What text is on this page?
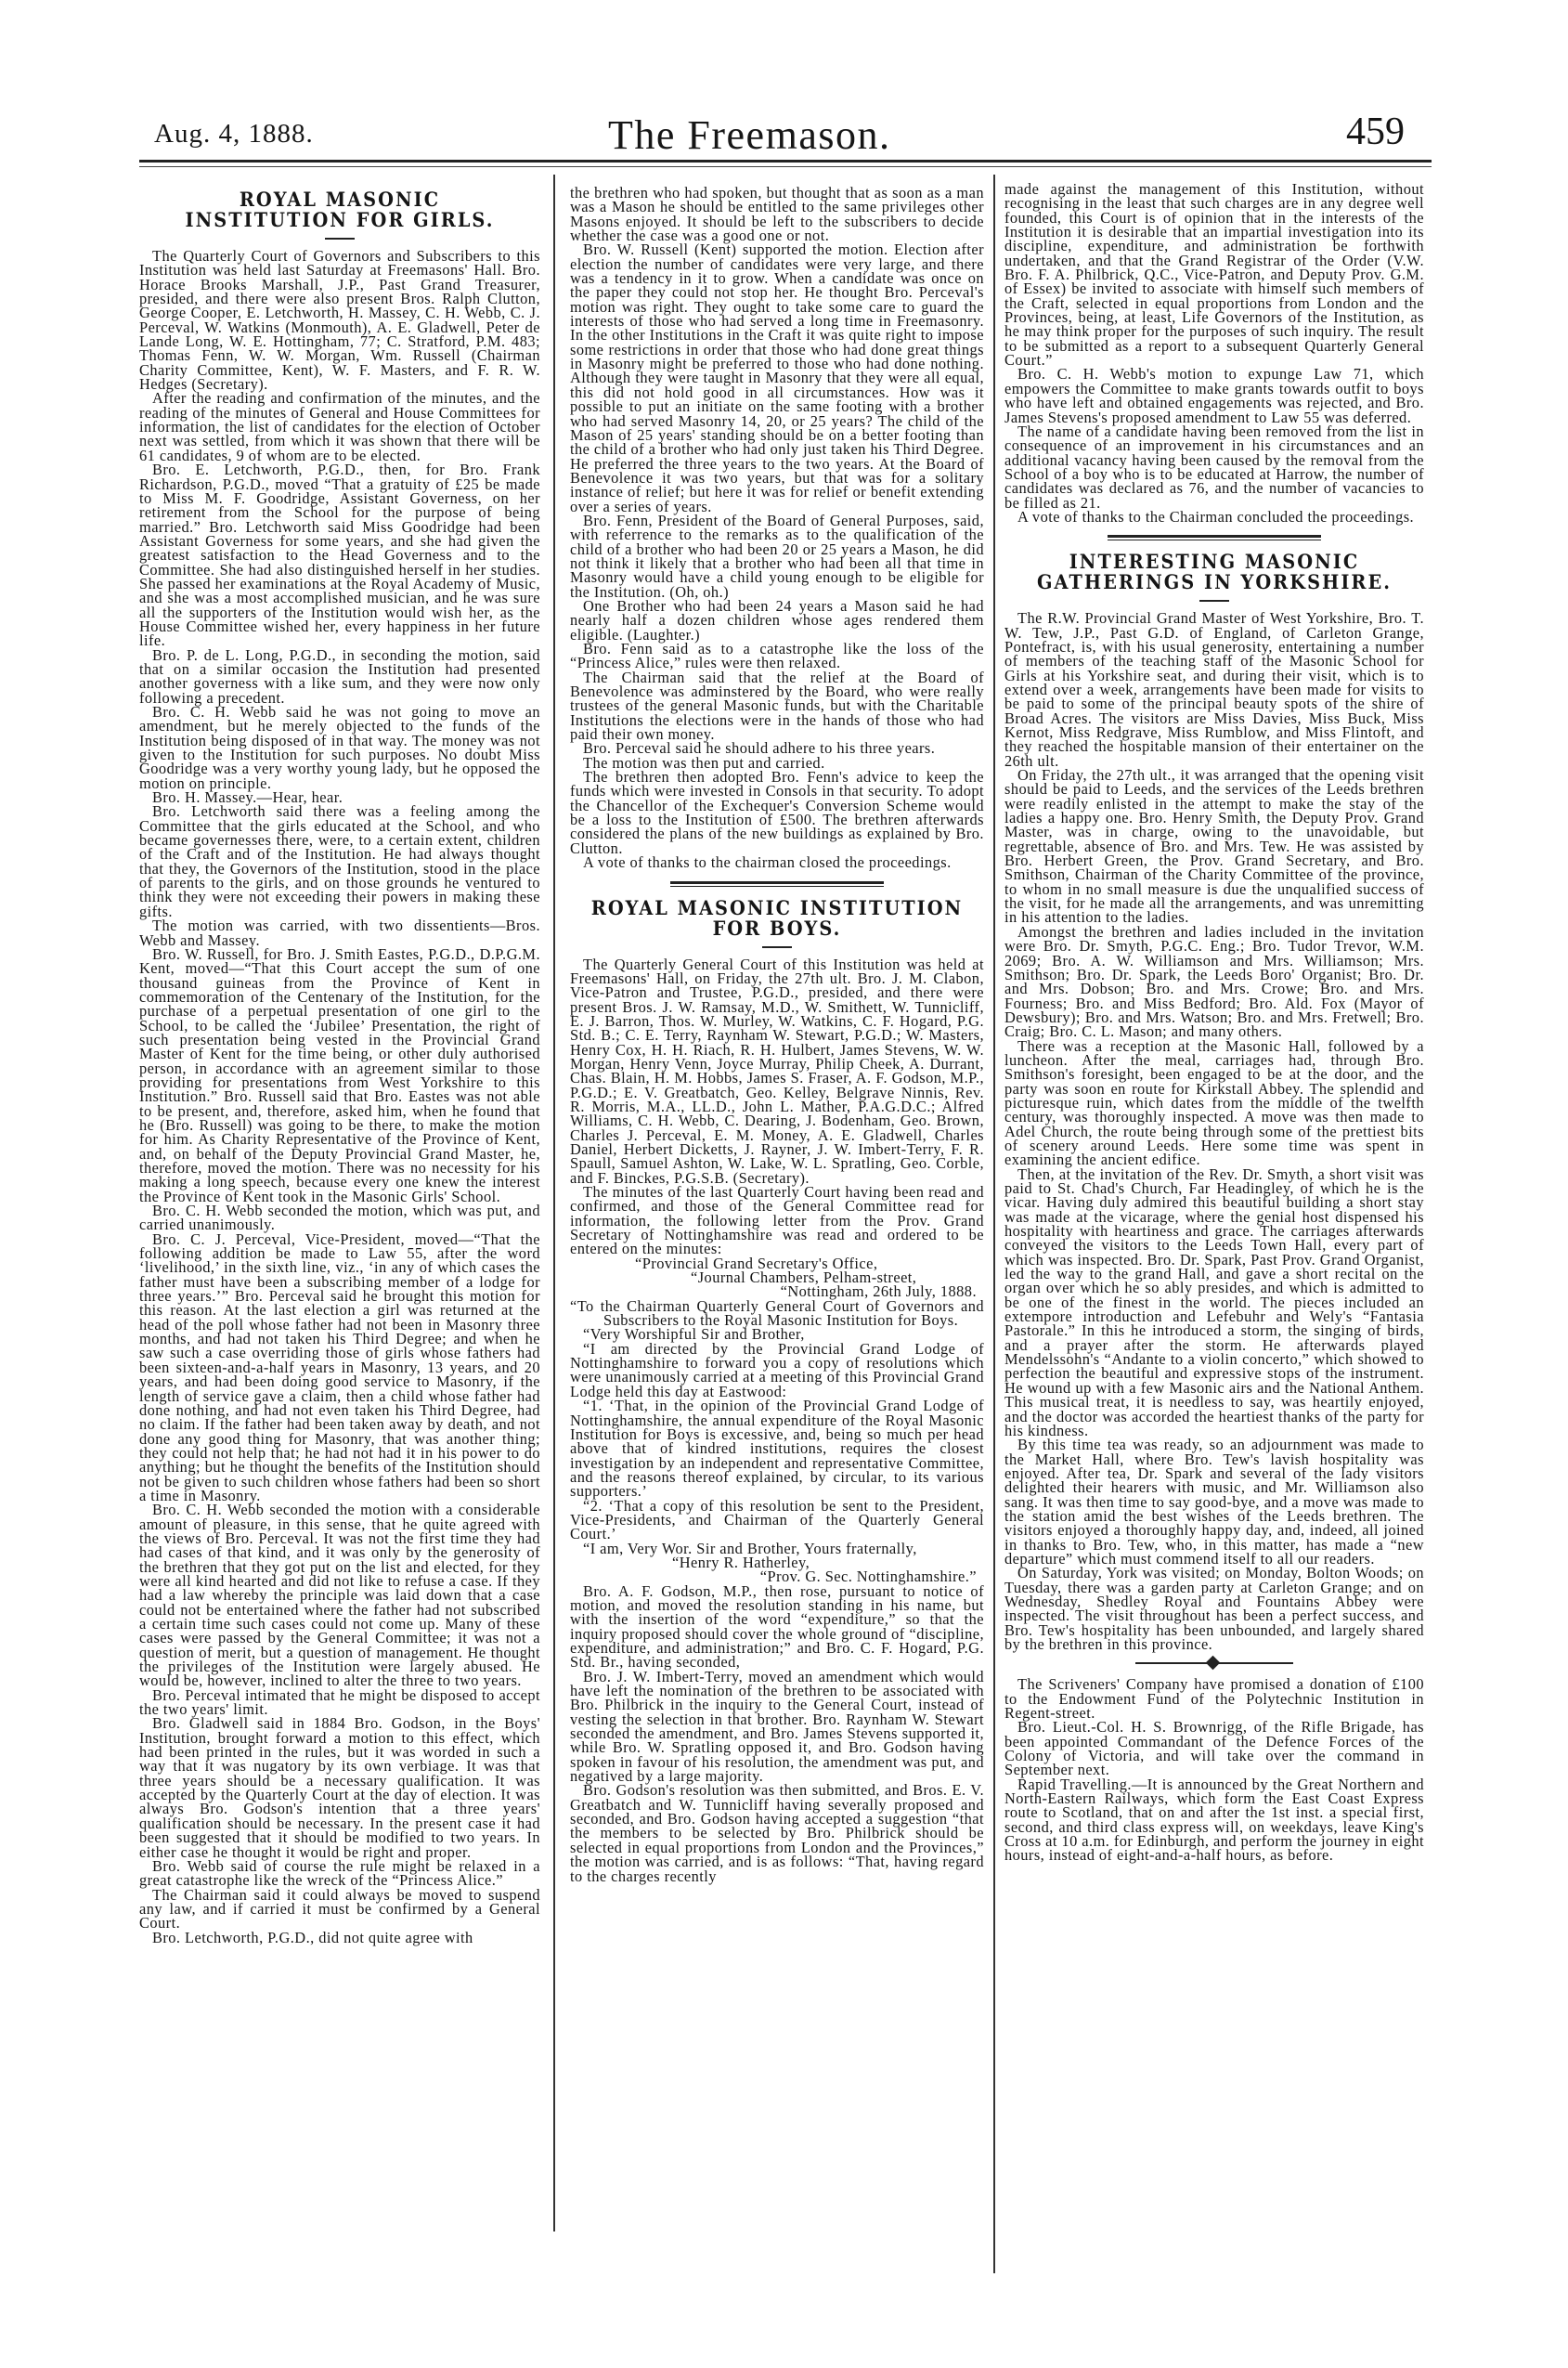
Aug. 4, 1888.	The Freemason.	459
ROYAL MASONIC INSTITUTION FOR GIRLS.

The Quarterly Court of Governors and Subscribers to this Institution was held last Saturday at Freemasons' Hall. Bro. Horace Brooks Marshall, J.P., Past Grand Treasurer, presided, and there were also present Bros. Ralph Clutton, George Cooper, E. Letchworth, H. Massey, C. H. Webb, C. J. Perceval, W. Watkins (Monmouth), A. E. Gladwell, Peter de Lande Long, W. E. Hottingham, 77; C. Stratford, P.M. 483; Thomas Fenn, W. W. Morgan, Wm. Russell (Chairman Charity Committee, Kent), W. F. Masters, and F. R. W. Hedges (Secretary).

After the reading and confirmation of the minutes, and the reading of the minutes of General and House Committees for information, the list of candidates for the election of October next was settled, from which it was shown that there will be 61 candidates, 9 of whom are to be elected.

Bro. E. Letchworth, P.G.D., then, for Bro. Frank Richardson, P.G.D., moved “That a gratuity of £25 be made to Miss M. F. Goodridge, Assistant Governess, on her retirement from the School for the purpose of being married.” Bro. Letchworth said Miss Goodridge had been Assistant Governess for some years, and she had given the greatest satisfaction to the Head Governess and to the Committee. She had also distinguished herself in her studies. She passed her examinations at the Royal Academy of Music, and she was a most accomplished musician, and he was sure all the supporters of the Institution would wish her, as the House Committee wished her, every happiness in her future life.

Bro. P. de L. Long, P.G.D., in seconding the motion, said that on a similar occasion the Institution had presented another governess with a like sum, and they were now only following a precedent.

Bro. C. H. Webb said he was not going to move an amendment, but he merely objected to the funds of the Institution being disposed of in that way. The money was not given to the Institution for such purposes. No doubt Miss Goodridge was a very worthy young lady, but he opposed the motion on principle.

Bro. H. Massey.—Hear, hear.

Bro. Letchworth said there was a feeling among the Committee that the girls educated at the School, and who became governesses there, were, to a certain extent, children of the Craft and of the Institution. He had always thought that they, the Governors of the Institution, stood in the place of parents to the girls, and on those grounds he ventured to think they were not exceeding their powers in making these gifts.

The motion was carried, with two dissentients—Bros. Webb and Massey.

Bro. W. Russell, for Bro. J. Smith Eastes, P.G.D., D.P.G.M. Kent, moved—“That this Court accept the sum of one thousand guineas from the Province of Kent in commemoration of the Centenary of the Institution, for the purchase of a perpetual presentation of one girl to the School, to be called the ‘Jubilee’ Presentation, the right of such presentation being vested in the Provincial Grand Master of Kent for the time being, or other duly authorised person, in accordance with an agreement similar to those providing for presentations from West Yorkshire to this Institution.” Bro. Russell said that Bro. Eastes was not able to be present, and, therefore, asked him, when he found that he (Bro. Russell) was going to be there, to make the motion for him. As Charity Representative of the Province of Kent, and, on behalf of the Deputy Provincial Grand Master, he, therefore, moved the motion. There was no necessity for his making a long speech, because every one knew the interest the Province of Kent took in the Masonic Girls' School.

Bro. C. H. Webb seconded the motion, which was put, and carried unanimously.

Bro. C. J. Perceval, Vice-President, moved—“That the following addition be made to Law 55, after the word ‘livelihood,’ in the sixth line, viz., ‘in any of which cases the father must have been a subscribing member of a lodge for three years.’” Bro. Perceval said he brought this motion for this reason. At the last election a girl was returned at the head of the poll whose father had not been in Masonry three months, and had not taken his Third Degree; and when he saw such a case overriding those of girls whose fathers had been sixteen-and-a-half years in Masonry, 13 years, and 20 years, and had been doing good service to Masonry, if the length of service gave a claim, then a child whose father had done nothing, and had not even taken his Third Degree, had no claim. If the father had been taken away by death, and not done any good thing for Masonry, that was another thing; they could not help that; he had not had it in his power to do anything; but he thought the benefits of the Institution should not be given to such children whose fathers had been so short a time in Masonry.

Bro. C. H. Webb seconded the motion with a considerable amount of pleasure, in this sense, that he quite agreed with the views of Bro. Perceval. It was not the first time they had had cases of that kind, and it was only by the generosity of the brethren that they got put on the list and elected, for they were all kind hearted and did not like to refuse a case. If they had a law whereby the principle was laid down that a case could not be entertained where the father had not subscribed a certain time such cases could not come up. Many of these cases were passed by the General Committee; it was not a question of merit, but a question of management. He thought the privileges of the Institution were largely abused. He would be, however, inclined to alter the three to two years.

Bro. Perceval intimated that he might be disposed to accept the two years' limit.

Bro. Gladwell said in 1884 Bro. Godson, in the Boys' Institution, brought forward a motion to this effect, which had been printed in the rules, but it was worded in such a way that it was nugatory by its own verbiage. It was that three years should be a necessary qualification. It was accepted by the Quarterly Court at the day of election. It was always Bro. Godson's intention that a three years' qualification should be necessary. In the present case it had been suggested that it should be modified to two years. In either case he thought it would be right and proper.

Bro. Webb said of course the rule might be relaxed in a great catastrophe like the wreck of the “Princess Alice.”

The Chairman said it could always be moved to suspend any law, and if carried it must be confirmed by a General Court.

Bro. Letchworth, P.G.D., did not quite agree with

the brethren who had spoken, but thought that as soon as a man was a Mason he should be entitled to the same privileges other Masons enjoyed. It should be left to the subscribers to decide whether the case was a good one or not.

Bro. W. Russell (Kent) supported the motion. Election after election the number of candidates were very large, and there was a tendency in it to grow. When a candidate was once on the paper they could not stop her. He thought Bro. Perceval's motion was right. They ought to take some care to guard the interests of those who had served a long time in Freemasonry. In the other Institutions in the Craft it was quite right to impose some restrictions in order that those who had done great things in Masonry might be preferred to those who had done nothing. Although they were taught in Masonry that they were all equal, this did not hold good in all circumstances. How was it possible to put an initiate on the same footing with a brother who had served Masonry 14, 20, or 25 years? The child of the Mason of 25 years' standing should be on a better footing than the child of a brother who had only just taken his Third Degree. He preferred the three years to the two years. At the Board of Benevolence it was two years, but that was for a solitary instance of relief; but here it was for relief or benefit extending over a series of years.

Bro. Fenn, President of the Board of General Purposes, said, with referrence to the remarks as to the qualification of the child of a brother who had been 20 or 25 years a Mason, he did not think it likely that a brother who had been all that time in Masonry would have a child young enough to be eligible for the Institution. (Oh, oh.)

One Brother who had been 24 years a Mason said he had nearly half a dozen children whose ages rendered them eligible. (Laughter.)

Bro. Fenn said as to a catastrophe like the loss of the “Princess Alice,” rules were then relaxed.

The Chairman said that the relief at the Board of Benevolence was adminstered by the Board, who were really trustees of the general Masonic funds, but with the Charitable Institutions the elections were in the hands of those who had paid their own money.

Bro. Perceval said he should adhere to his three years.

The motion was then put and carried.

The brethren then adopted Bro. Fenn's advice to keep the funds which were invested in Consols in that security. To adopt the Chancellor of the Exchequer's Conversion Scheme would be a loss to the Institution of £500. The brethren afterwards considered the plans of the new buildings as explained by Bro. Clutton.

A vote of thanks to the chairman closed the proceedings.

ROYAL MASONIC INSTITUTION FOR BOYS.

The Quarterly General Court of this Institution was held at Freemasons' Hall, on Friday, the 27th ult. Bro. J. M. Clabon, Vice-Patron and Trustee, P.G.D., presided, and there were present Bros. J. W. Ramsay, M.D., W. Smithett, W. Tunnicliff, E. J. Barron, Thos. W. Murley, W. Watkins, C. F. Hogard, P.G. Std. B.; C. E. Terry, Raynham W. Stewart, P.G.D.; W. Masters, Henry Cox, H. H. Riach, R. H. Hulbert, James Stevens, W. W. Morgan, Henry Venn, Joyce Murray, Philip Cheek, A. Durrant, Chas. Blain, H. M. Hobbs, James S. Fraser, A. F. Godson, M.P., P.G.D.; E. V. Greatbatch, Geo. Kelley, Belgrave Ninnis, Rev. R. Morris, M.A., LL.D., John L. Mather, P.A.G.D.C.; Alfred Williams, C. H. Webb, C. Dearing, J. Bodenham, Geo. Brown, Charles J. Perceval, E. M. Money, A. E. Gladwell, Charles Daniel, Herbert Dicketts, J. Rayner, J. W. Imbert-Terry, F. R. Spaull, Samuel Ashton, W. Lake, W. L. Spratling, Geo. Corble, and F. Binckes, P.G.S.B. (Secretary).

The minutes of the last Quarterly Court having been read and confirmed, and those of the General Committee read for information, the following letter from the Prov. Grand Secretary of Nottinghamshire was read and ordered to be entered on the minutes:

“Provincial Grand Secretary's Office,

“Journal Chambers, Pelham-street,

“Nottingham, 26th July, 1888.

“To the Chairman Quarterly General Court of Governors and Subscribers to the Royal Masonic Institution for Boys.

“Very Worshipful Sir and Brother,

“I am directed by the Provincial Grand Lodge of Nottinghamshire to forward you a copy of resolutions which were unanimously carried at a meeting of this Provincial Grand Lodge held this day at Eastwood:

“1. ‘That, in the opinion of the Provincial Grand Lodge of Nottinghamshire, the annual expenditure of the Royal Masonic Institution for Boys is excessive, and, being so much per head above that of kindred institutions, requires the closest investigation by an independent and representative Committee, and the reasons thereof explained, by circular, to its various supporters.’

“2. ‘That a copy of this resolution be sent to the President, Vice-Presidents, and Chairman of the Quarterly General Court.’

“I am, Very Wor. Sir and Brother, Yours fraternally,

“Henry R. Hatherley,

“Prov. G. Sec. Nottinghamshire.”

Bro. A. F. Godson, M.P., then rose, pursuant to notice of motion, and moved the resolution standing in his name, but with the insertion of the word “expenditure,” so that the inquiry proposed should cover the whole ground of “discipline, expenditure, and administration;” and Bro. C. F. Hogard, P.G. Std. Br., having seconded,

Bro. J. W. Imbert-Terry, moved an amendment which would have left the nomination of the brethren to be associated with Bro. Philbrick in the inquiry to the General Court, instead of vesting the selection in that brother. Bro. Raynham W. Stewart seconded the amendment, and Bro. James Stevens supported it, while Bro. W. Spratling opposed it, and Bro. Godson having spoken in favour of his resolution, the amendment was put, and negatived by a large majority.

Bro. Godson's resolution was then submitted, and Bros. E. V. Greatbatch and W. Tunnicliff having severally proposed and seconded, and Bro. Godson having accepted a suggestion “that the members to be selected by Bro. Philbrick should be selected in equal proportions from London and the Provinces,” the motion was carried, and is as follows: “That, having regard to the charges recently

made against the management of this Institution, without recognising in the least that such charges are in any degree well founded, this Court is of opinion that in the interests of the Institution it is desirable that an impartial investigation into its discipline, expenditure, and administration be forthwith undertaken, and that the Grand Registrar of the Order (V.W. Bro. F. A. Philbrick, Q.C., Vice-Patron, and Deputy Prov. G.M. of Essex) be invited to associate with himself such members of the Craft, selected in equal proportions from London and the Provinces, being, at least, Life Governors of the Institution, as he may think proper for the purposes of such inquiry. The result to be submitted as a report to a subsequent Quarterly General Court.”

Bro. C. H. Webb's motion to expunge Law 71, which empowers the Committee to make grants towards outfit to boys who have left and obtained engagements was rejected, and Bro. James Stevens's proposed amendment to Law 55 was deferred.

The name of a candidate having been removed from the list in consequence of an improvement in his circumstances and an additional vacancy having been caused by the removal from the School of a boy who is to be educated at Harrow, the number of candidates was declared as 76, and the number of vacancies to be filled as 21.

A vote of thanks to the Chairman concluded the proceedings.

INTERESTING MASONIC GATHERINGS IN YORKSHIRE.

The R.W. Provincial Grand Master of West Yorkshire, Bro. T. W. Tew, J.P., Past G.D. of England, of Carleton Grange, Pontefract, is, with his usual generosity, entertaining a number of members of the teaching staff of the Masonic School for Girls at his Yorkshire seat, and during their visit, which is to extend over a week, arrangements have been made for visits to be paid to some of the principal beauty spots of the shire of Broad Acres. The visitors are Miss Davies, Miss Buck, Miss Kernot, Miss Redgrave, Miss Rumblow, and Miss Flintoft, and they reached the hospitable mansion of their entertainer on the 26th ult.

On Friday, the 27th ult., it was arranged that the opening visit should be paid to Leeds, and the services of the Leeds brethren were readily enlisted in the attempt to make the stay of the ladies a happy one. Bro. Henry Smith, the Deputy Prov. Grand Master, was in charge, owing to the unavoidable, but regrettable, absence of Bro. and Mrs. Tew. He was assisted by Bro. Herbert Green, the Prov. Grand Secretary, and Bro. Smithson, Chairman of the Charity Committee of the province, to whom in no small measure is due the unqualified success of the visit, for he made all the arrangements, and was unremitting in his attention to the ladies.

Amongst the brethren and ladies included in the invitation were Bro. Dr. Smyth, P.G.C. Eng.; Bro. Tudor Trevor, W.M. 2069; Bro. A. W. Williamson and Mrs. Williamson; Mrs. Smithson; Bro. Dr. Spark, the Leeds Boro' Organist; Bro. Dr. and Mrs. Dobson; Bro. and Mrs. Crowe; Bro. and Mrs. Fourness; Bro. and Miss Bedford; Bro. Ald. Fox (Mayor of Dewsbury); Bro. and Mrs. Watson; Bro. and Mrs. Fretwell; Bro. Craig; Bro. C. L. Mason; and many others.

There was a reception at the Masonic Hall, followed by a luncheon. After the meal, carriages had, through Bro. Smithson's foresight, been engaged to be at the door, and the party was soon en route for Kirkstall Abbey. The splendid and picturesque ruin, which dates from the middle of the twelfth century, was thoroughly inspected. A move was then made to Adel Church, the route being through some of the prettiest bits of scenery around Leeds. Here some time was spent in examining the ancient edifice.

Then, at the invitation of the Rev. Dr. Smyth, a short visit was paid to St. Chad's Church, Far Headingley, of which he is the vicar. Having duly admired this beautiful building a short stay was made at the vicarage, where the genial host dispensed his hospitality with heartiness and grace. The carriages afterwards conveyed the visitors to the Leeds Town Hall, every part of which was inspected. Bro. Dr. Spark, Past Prov. Grand Organist, led the way to the grand Hall, and gave a short recital on the organ over which he so ably presides, and which is admitted to be one of the finest in the world. The pieces included an extempore introduction and Lefebuhr and Wely's “Fantasia Pastorale.” In this he introduced a storm, the singing of birds, and a prayer after the storm. He afterwards played Mendelssohn's “Andante to a violin concerto,” which showed to perfection the beautiful and expressive stops of the instrument. He wound up with a few Masonic airs and the National Anthem. This musical treat, it is needless to say, was heartily enjoyed, and the doctor was accorded the heartiest thanks of the party for his kindness.

By this time tea was ready, so an adjournment was made to the Market Hall, where Bro. Tew's lavish hospitality was enjoyed. After tea, Dr. Spark and several of the lady visitors delighted their hearers with music, and Mr. Williamson also sang. It was then time to say good-bye, and a move was made to the station amid the best wishes of the Leeds brethren. The visitors enjoyed a thoroughly happy day, and, indeed, all joined in thanks to Bro. Tew, who, in this matter, has made a “new departure” which must commend itself to all our readers.

On Saturday, York was visited; on Monday, Bolton Woods; on Tuesday, there was a garden party at Carleton Grange; and on Wednesday, Shedley Royal and Fountains Abbey were inspected. The visit throughout has been a perfect success, and Bro. Tew's hospitality has been unbounded, and largely shared by the brethren in this province.

The Scriveners' Company have promised a donation of £100 to the Endowment Fund of the Polytechnic Institution in Regent-street.

Bro. Lieut.-Col. H. S. Brownrigg, of the Rifle Brigade, has been appointed Commandant of the Defence Forces of the Colony of Victoria, and will take over the command in September next.

Rapid Travelling.—It is announced by the Great Northern and North-Eastern Railways, which form the East Coast Express route to Scotland, that on and after the 1st inst. a special first, second, and third class express will, on weekdays, leave King's Cross at 10 a.m. for Edinburgh, and perform the journey in eight hours, instead of eight-and-a-half hours, as before.
